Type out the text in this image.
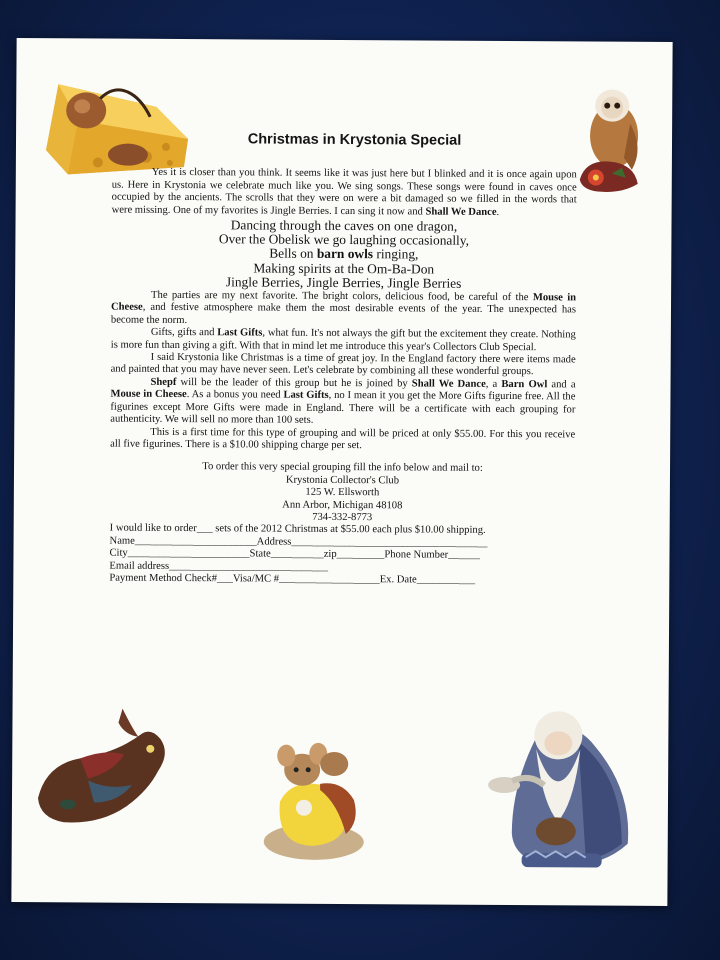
Christmas in Krystonia Special

Yes it is closer than you think. It seems like it was just here but I blinked and it is once again upon us. Here in Krystonia we celebrate much like you. We sing songs. These songs were found in caves once occupied by the ancients. The scrolls that they were on were a bit damaged so we filled in the words that were missing. One of my favorites is Jingle Berries. I can sing it now and Shall We Dance.

Dancing through the caves on one dragon,
Over the Obelisk we go laughing occasionally,
Bells on barn owls ringing,
Making spirits at the Om-Ba-Don
Jingle Berries, Jingle Berries, Jingle Berries

The parties are my next favorite. The bright colors, delicious food, be careful of the Mouse in Cheese, and festive atmosphere make them the most desirable events of the year. The unexpected has become the norm.

Gifts, gifts and Last Gifts, what fun. It's not always the gift but the excitement they create. Nothing is more fun than giving a gift. With that in mind let me introduce this year's Collectors Club Special.

I said Krystonia like Christmas is a time of great joy. In the England factory there were items made and painted that you may have never seen. Let's celebrate by combining all these wonderful groups.

Shepf will be the leader of this group but he is joined by Shall We Dance, a Barn Owl and a Mouse in Cheese. As a bonus you need Last Gifts, no I mean it you get the More Gifts figurine free. All the figurines except More Gifts were made in England. There will be a certificate with each grouping for authenticity. We will sell no more than 100 sets.

This is a first time for this type of grouping and will be priced at only $55.00. For this you receive all five figurines. There is a $10.00 shipping charge per set.

To order this very special grouping fill the info below and mail to:
Krystonia Collector's Club
125 W. Ellsworth
Ann Arbor, Michigan 48108
734-332-8773
I would like to order___ sets of the 2012 Christmas at $55.00 each plus $10.00 shipping.
Name_______________________Address_____________________________________
City_______________________State__________zip_________Phone Number______
Email address______________________________
Payment Method Check#___Visa/MC #___________________Ex. Date___________
